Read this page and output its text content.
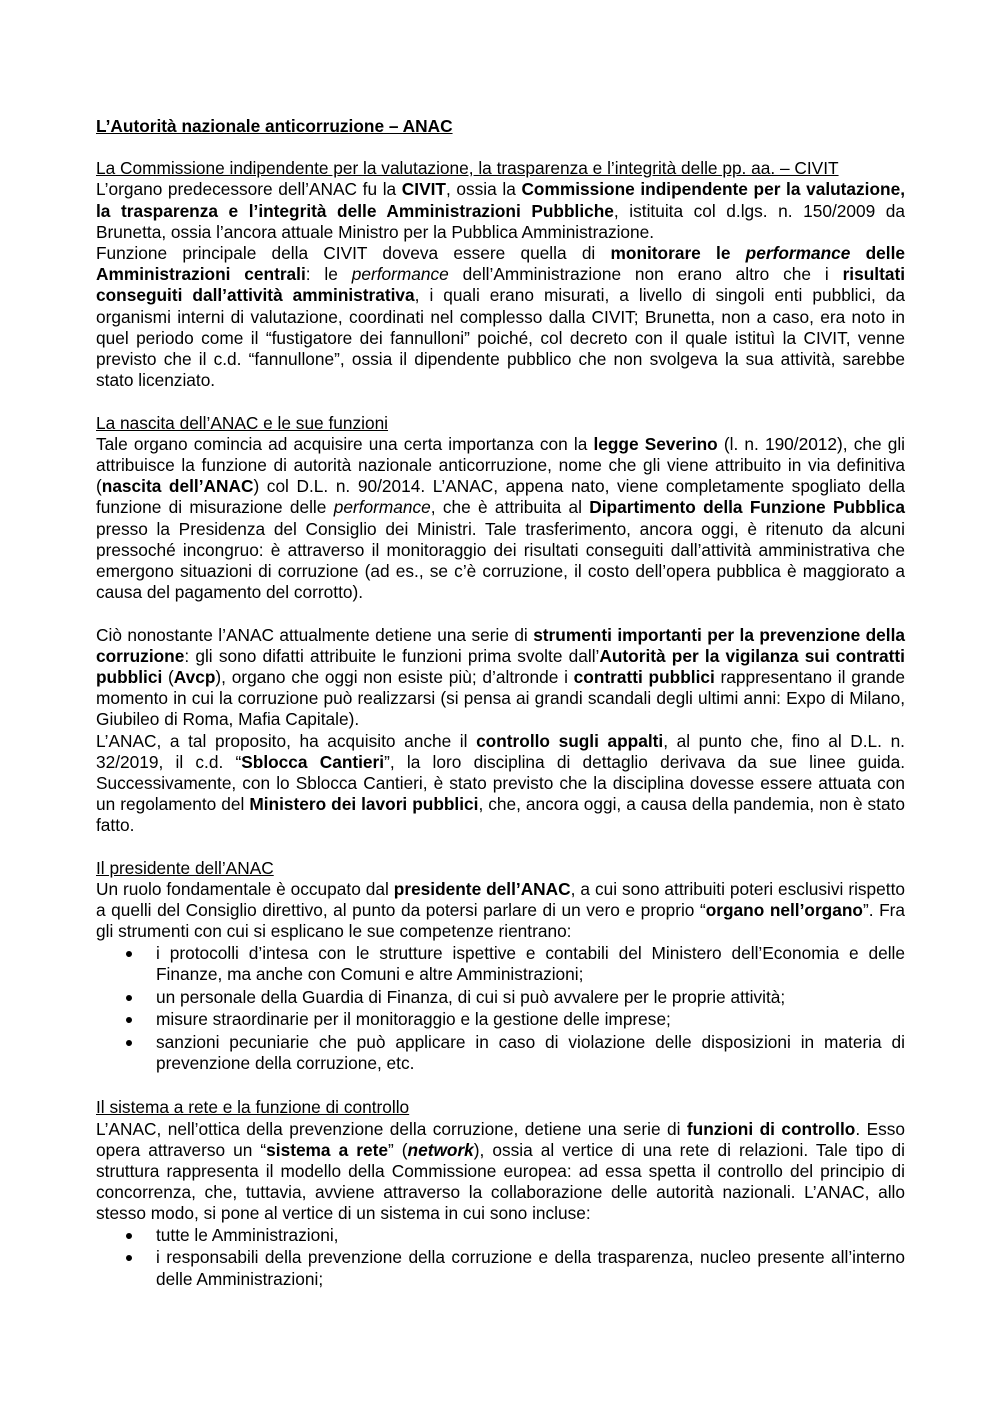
L’Autorità nazionale anticorruzione – ANAC
La Commissione indipendente per la valutazione, la trasparenza e l’integrità delle pp. aa. – CIVIT

L’organo predecessore dell’ANAC fu la CIVIT, ossia la Commissione indipendente per la valutazione, la trasparenza e l’integrità delle Amministrazioni Pubbliche, istituita col d.lgs. n. 150/2009 da Brunetta, ossia l’ancora attuale Ministro per la Pubblica Amministrazione.

Funzione principale della CIVIT doveva essere quella di monitorare le performance delle Amministrazioni centrali: le performance dell’Amministrazione non erano altro che i risultati conseguiti dall’attività amministrativa, i quali erano misurati, a livello di singoli enti pubblici, da organismi interni di valutazione, coordinati nel complesso dalla CIVIT; Brunetta, non a caso, era noto in quel periodo come il “fustigatore dei fannulloni” poiché, col decreto con il quale istituì la CIVIT, venne previsto che il c.d. “fannullone”, ossia il dipendente pubblico che non svolgeva la sua attività, sarebbe stato licenziato.

La nascita dell’ANAC e le sue funzioni

Tale organo comincia ad acquisire una certa importanza con la legge Severino (l. n. 190/2012), che gli attribuisce la funzione di autorità nazionale anticorruzione, nome che gli viene attribuito in via definitiva (nascita dell’ANAC) col D.L. n. 90/2014. L’ANAC, appena nato, viene completamente spogliato della funzione di misurazione delle performance, che è attribuita al Dipartimento della Funzione Pubblica presso la Presidenza del Consiglio dei Ministri. Tale trasferimento, ancora oggi, è ritenuto da alcuni pressoché incongruo: è attraverso il monitoraggio dei risultati conseguiti dall’attività amministrativa che emergono situazioni di corruzione (ad es., se c’è corruzione, il costo dell’opera pubblica è maggiorato a causa del pagamento del corrotto).

Ciò nonostante l’ANAC attualmente detiene una serie di strumenti importanti per la prevenzione della corruzione: gli sono difatti attribuite le funzioni prima svolte dall’Autorità per la vigilanza sui contratti pubblici (Avcp), organo che oggi non esiste più; d’altronde i contratti pubblici rappresentano il grande momento in cui la corruzione può realizzarsi (si pensa ai grandi scandali degli ultimi anni: Expo di Milano, Giubileo di Roma, Mafia Capitale).

L’ANAC, a tal proposito, ha acquisito anche il controllo sugli appalti, al punto che, fino al D.L. n. 32/2019, il c.d. “Sblocca Cantieri”, la loro disciplina di dettaglio derivava da sue linee guida. Successivamente, con lo Sblocca Cantieri, è stato previsto che la disciplina dovesse essere attuata con un regolamento del Ministero dei lavori pubblici, che, ancora oggi, a causa della pandemia, non è stato fatto.

Il presidente dell’ANAC

Un ruolo fondamentale è occupato dal presidente dell’ANAC, a cui sono attribuiti poteri esclusivi rispetto a quelli del Consiglio direttivo, al punto da potersi parlare di un vero e proprio “organo nell’organo”. Fra gli strumenti con cui si esplicano le sue competenze rientrano:

i protocolli d’intesa con le strutture ispettive e contabili del Ministero dell’Economia e delle Finanze, ma anche con Comuni e altre Amministrazioni;
un personale della Guardia di Finanza, di cui si può avvalere per le proprie attività;
misure straordinarie per il monitoraggio e la gestione delle imprese;
sanzioni pecuniarie che può applicare in caso di violazione delle disposizioni in materia di prevenzione della corruzione, etc.
Il sistema a rete e la funzione di controllo

L’ANAC, nell’ottica della prevenzione della corruzione, detiene una serie di funzioni di controllo. Esso opera attraverso un “sistema a rete” (network), ossia al vertice di una rete di relazioni. Tale tipo di struttura rappresenta il modello della Commissione europea: ad essa spetta il controllo del principio di concorrenza, che, tuttavia, avviene attraverso la collaborazione delle autorità nazionali. L’ANAC, allo stesso modo, si pone al vertice di un sistema in cui sono incluse:

tutte le Amministrazioni,
i responsabili della prevenzione della corruzione e della trasparenza, nucleo presente all’interno delle Amministrazioni;
